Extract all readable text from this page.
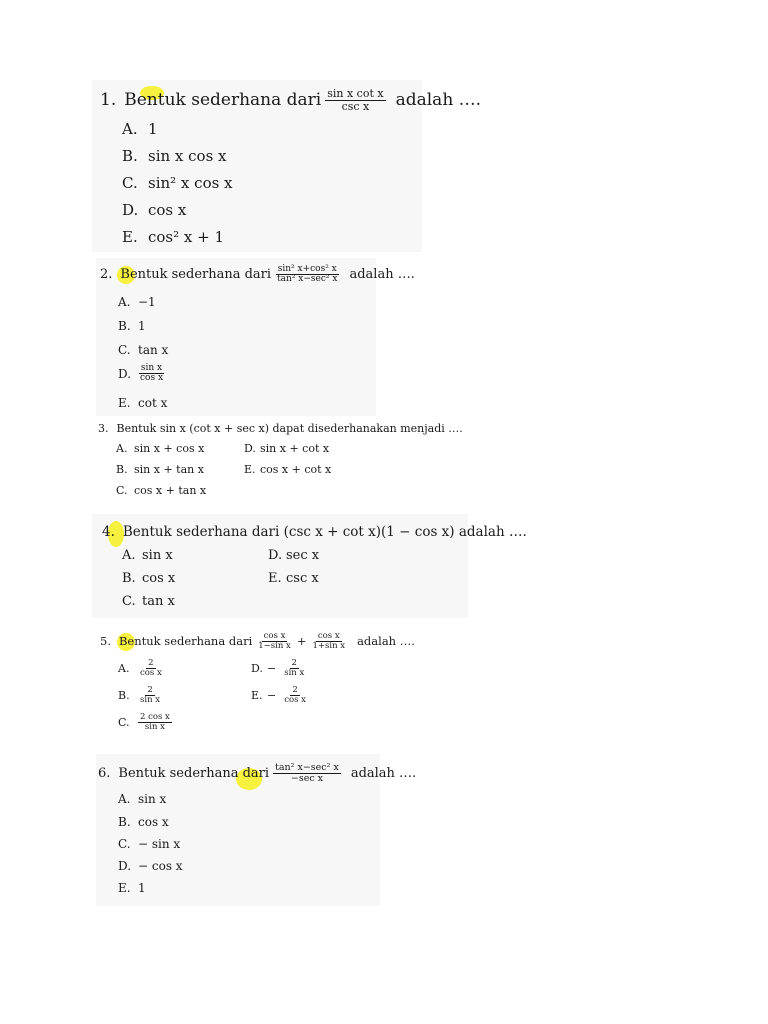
1. Bentuk sederhana dari $\frac{\text{sin x cot x}}{\text{csc x}}$ adalah ….
A. 1
B. sin x cos x
C. sin² x cos x
D. cos x
E. cos² x + 1
2. Bentuk sederhana dari $\frac{\text{sin² x+cos² x}}{\text{tan² x−sec² x}}$ adalah ….
A. −1
B. 1
C. tan x
D. $\frac{\text{sin x}}{\text{cos x}}$
E. cot x
3. Bentuk sin x (cot x + sec x) dapat disederhanakan menjadi ….
A. sin x + cos x
B. sin x + tan x
C. cos x + tan x
D. sin x + cot x
E. cos x + cot x
4. Bentuk sederhana dari (csc x + cot x)(1 − cos x) adalah ….
A. sin x
B. cos x
C. tan x
D. sec x
E. csc x
5. Bentuk sederhana dari $\frac{\text{cos x}}{\text{1−sin x}} + \frac{\text{cos x}}{\text{1+sin x}}$ adalah ….
A.	$\frac{2}{\text{cos x}}$
B. $\frac{2}{\text{sin x}}$
C. $\frac{\text{2 cos x}}{\text{sin x}}$
D. − $\frac{2}{\text{sin x}}$
E. − $\frac{2}{\text{cos x}}$
6. Bentuk sederhana dari $\frac{\text{tan² x−sec² x}}{\text{−sec x}}$ adalah ….
A. sin x
B. cos x
C. − sin x
D. − cos x
E. 1
